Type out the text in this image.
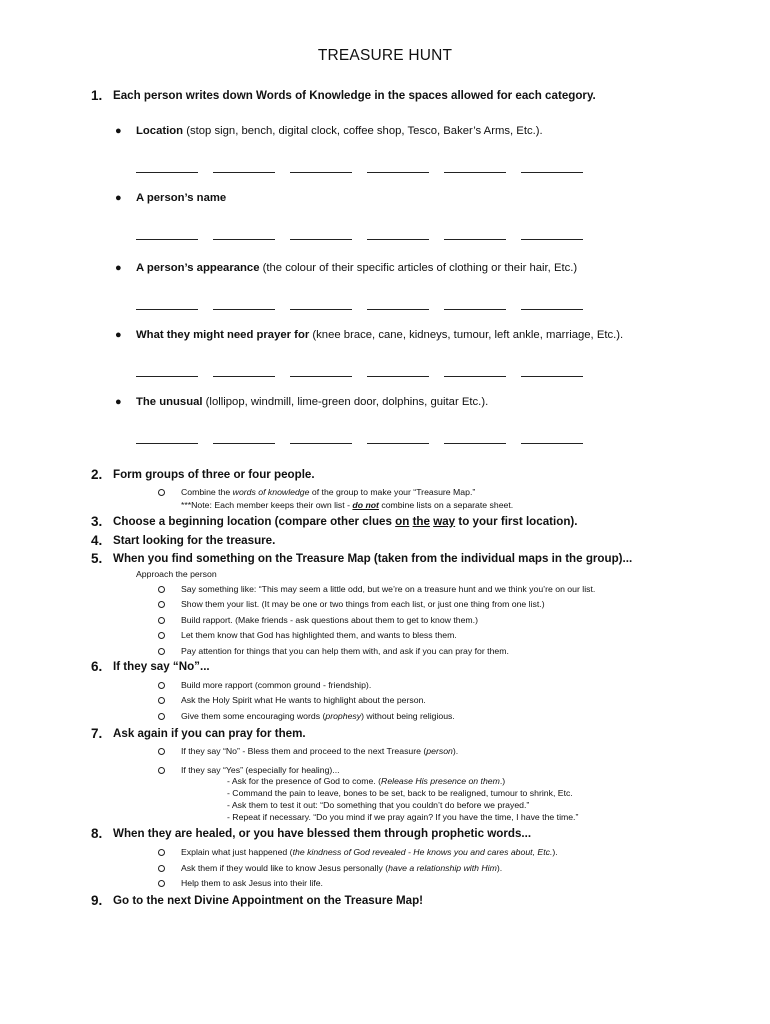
TREASURE HUNT
1. Each person writes down Words of Knowledge in the spaces allowed for each category.
● Location (stop sign, bench, digital clock, coffee shop, Tesco, Baker’s Arms, Etc.).
● A person’s name
● A person’s appearance (the colour of their specific articles of clothing or their hair, Etc.)
● What they might need prayer for (knee brace, cane, kidneys, tumour, left ankle, marriage, Etc.).
● The unusual (lollipop, windmill, lime-green door, dolphins, guitar Etc.).
2. Form groups of three or four people.
Combine the words of knowledge of the group to make your “Treasure Map.”
***Note: Each member keeps their own list - do not combine lists on a separate sheet.
3. Choose a beginning location (compare other clues on the way to your first location).
4. Start looking for the treasure.
5. When you find something on the Treasure Map (taken from the individual maps in the group)...
Approach the person
Say something like: “This may seem a little odd, but we’re on a treasure hunt and we think you’re on our list.
Show them your list. (It may be one or two things from each list, or just one thing from one list.)
Build rapport. (Make friends - ask questions about them to get to know them.)
Let them know that God has highlighted them, and wants to bless them.
Pay attention for things that you can help them with, and ask if you can pray for them.
6. If they say “No”...
Build more rapport (common ground - friendship).
Ask the Holy Spirit what He wants to highlight about the person.
Give them some encouraging words (prophesy) without being religious.
7. Ask again if you can pray for them.
If they say “No” - Bless them and proceed to the next Treasure (person).
If they say “Yes” (especially for healing)...
- Ask for the presence of God to come. (Release His presence on them.)
- Command the pain to leave, bones to be set, back to be realigned, tumour to shrink, Etc.
- Ask them to test it out: “Do something that you couldn’t do before we prayed.”
- Repeat if necessary. “Do you mind if we pray again? If you have the time, I have the time.”
8. When they are healed, or you have blessed them through prophetic words...
Explain what just happened (the kindness of God revealed - He knows you and cares about, Etc.).
Ask them if they would like to know Jesus personally (have a relationship with Him).
Help them to ask Jesus into their life.
9. Go to the next Divine Appointment on the Treasure Map!
